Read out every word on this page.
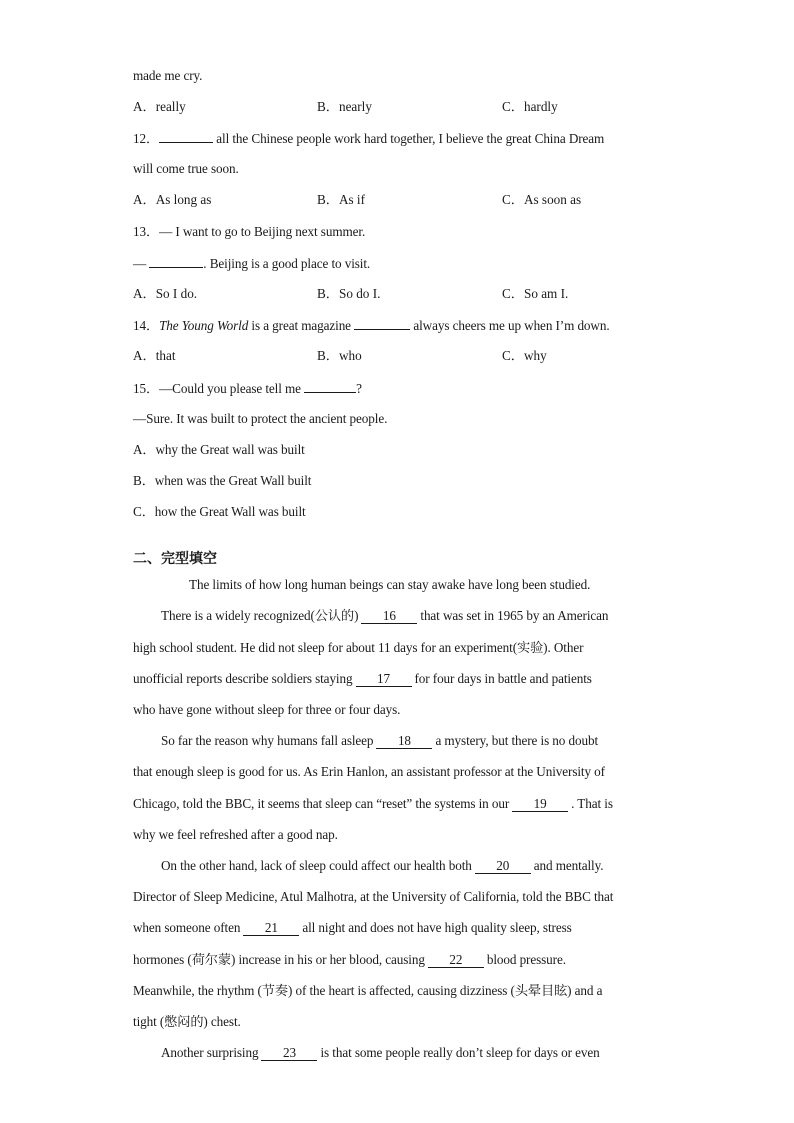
made me cry.
A．really	B．nearly	C．hardly
12．	all the Chinese people work hard together, I believe the great China Dream
will come true soon.
A．As long as	B．As if	C．As soon as
13．— I want to go to Beijing next summer.
—	. Beijing is a good place to visit.
A．So I do.	B．So do I.	C．So am I.
14．The Young World is a great magazine	always cheers me up when I’m down.
A．that	B．who	C．why
15．—Could you please tell me	?
—Sure. It was built to protect the ancient people.
A．why the Great wall was built
B．when was the Great Wall built
C．how the Great Wall was built
二、完型填空
The limits of how long human beings can stay awake have long been studied.
There is a widely recognized(公认的) 16 that was set in 1965 by an American
high school student. He did not sleep for about 11 days for an experiment(实验). Other
unofficial reports describe soldiers staying 17 for four days in battle and patients
who have gone without sleep for three or four days.
So far the reason why humans fall asleep 18 a mystery, but there is no doubt
that enough sleep is good for us. As Erin Hanlon, an assistant professor at the University of
Chicago, told the BBC, it seems that sleep can “reset” the systems in our 19 . That is
why we feel refreshed after a good nap.
On the other hand, lack of sleep could affect our health both 20 and mentally.
Director of Sleep Medicine, Atul Malhotra, at the University of California, told the BBC that
when someone often 21 all night and does not have high quality sleep, stress
hormones (荷尔蒙) increase in his or her blood, causing 22 blood pressure.
Meanwhile, the rhythm (节奏) of the heart is affected, causing dizziness (头晕目眩) and a
tight (憋闷的) chest.
Another surprising 23 is that some people really don’t sleep for days or even
